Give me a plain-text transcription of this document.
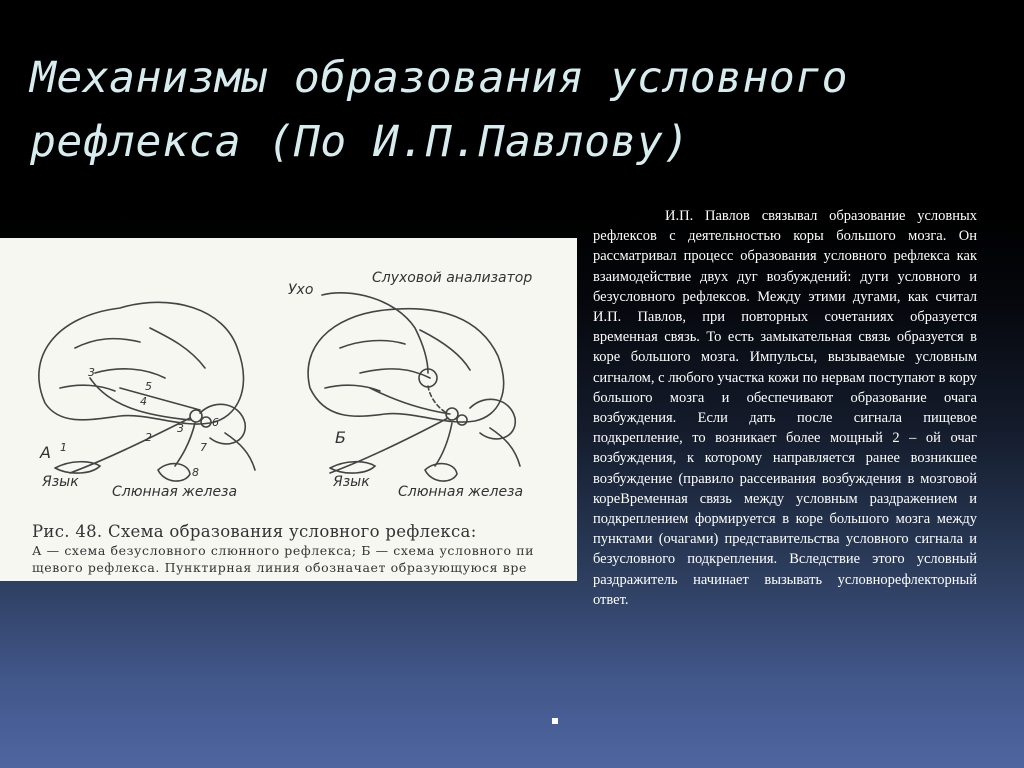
Механизмы образования условного рефлекса (По И.П.Павлову)
Ухо
Слуховой анализатор
А
Б
Язык	Язык
Слюнная железа	Слюнная железа
1
2
3
3
4
5
6
7
8

Рис. 48. Схема образования условного рефлекса:

А — схема безусловного слюнного рефлекса; Б — схема условного пи

щевого рефлекса. Пунктирная линия обозначает образующуюся вре

И.П. Павлов связывал образование условных рефлексов с деятельностью коры большого мозга. Он рассматривал процесс образования условного рефлекса как взаимодействие двух дуг возбуждений: дуги условного и безусловного рефлексов. Между этими дугами, как считал И.П. Павлов, при повторных сочетаниях образуется временная связь. То есть замыкательная связь образуется в коре большого мозга. Импульсы, вызываемые условным сигналом, с любого участка кожи по нервам поступают в кору большого мозга и обеспечивают образование очага возбуждения. Если дать после сигнала пищевое подкрепление, то возникает более мощный 2 – ой очаг возбуждения, к которому направляется ранее возникшее возбуждение (правило рассеивания возбуждения в мозговой кореВременная связь между условным раздражением и подкреплением формируется в коре большого мозга между пунктами (очагами) представительства условного сигнала и безусловного подкрепления. Вследствие этого условный раздражитель начинает вызывать условнорефлекторный ответ.
